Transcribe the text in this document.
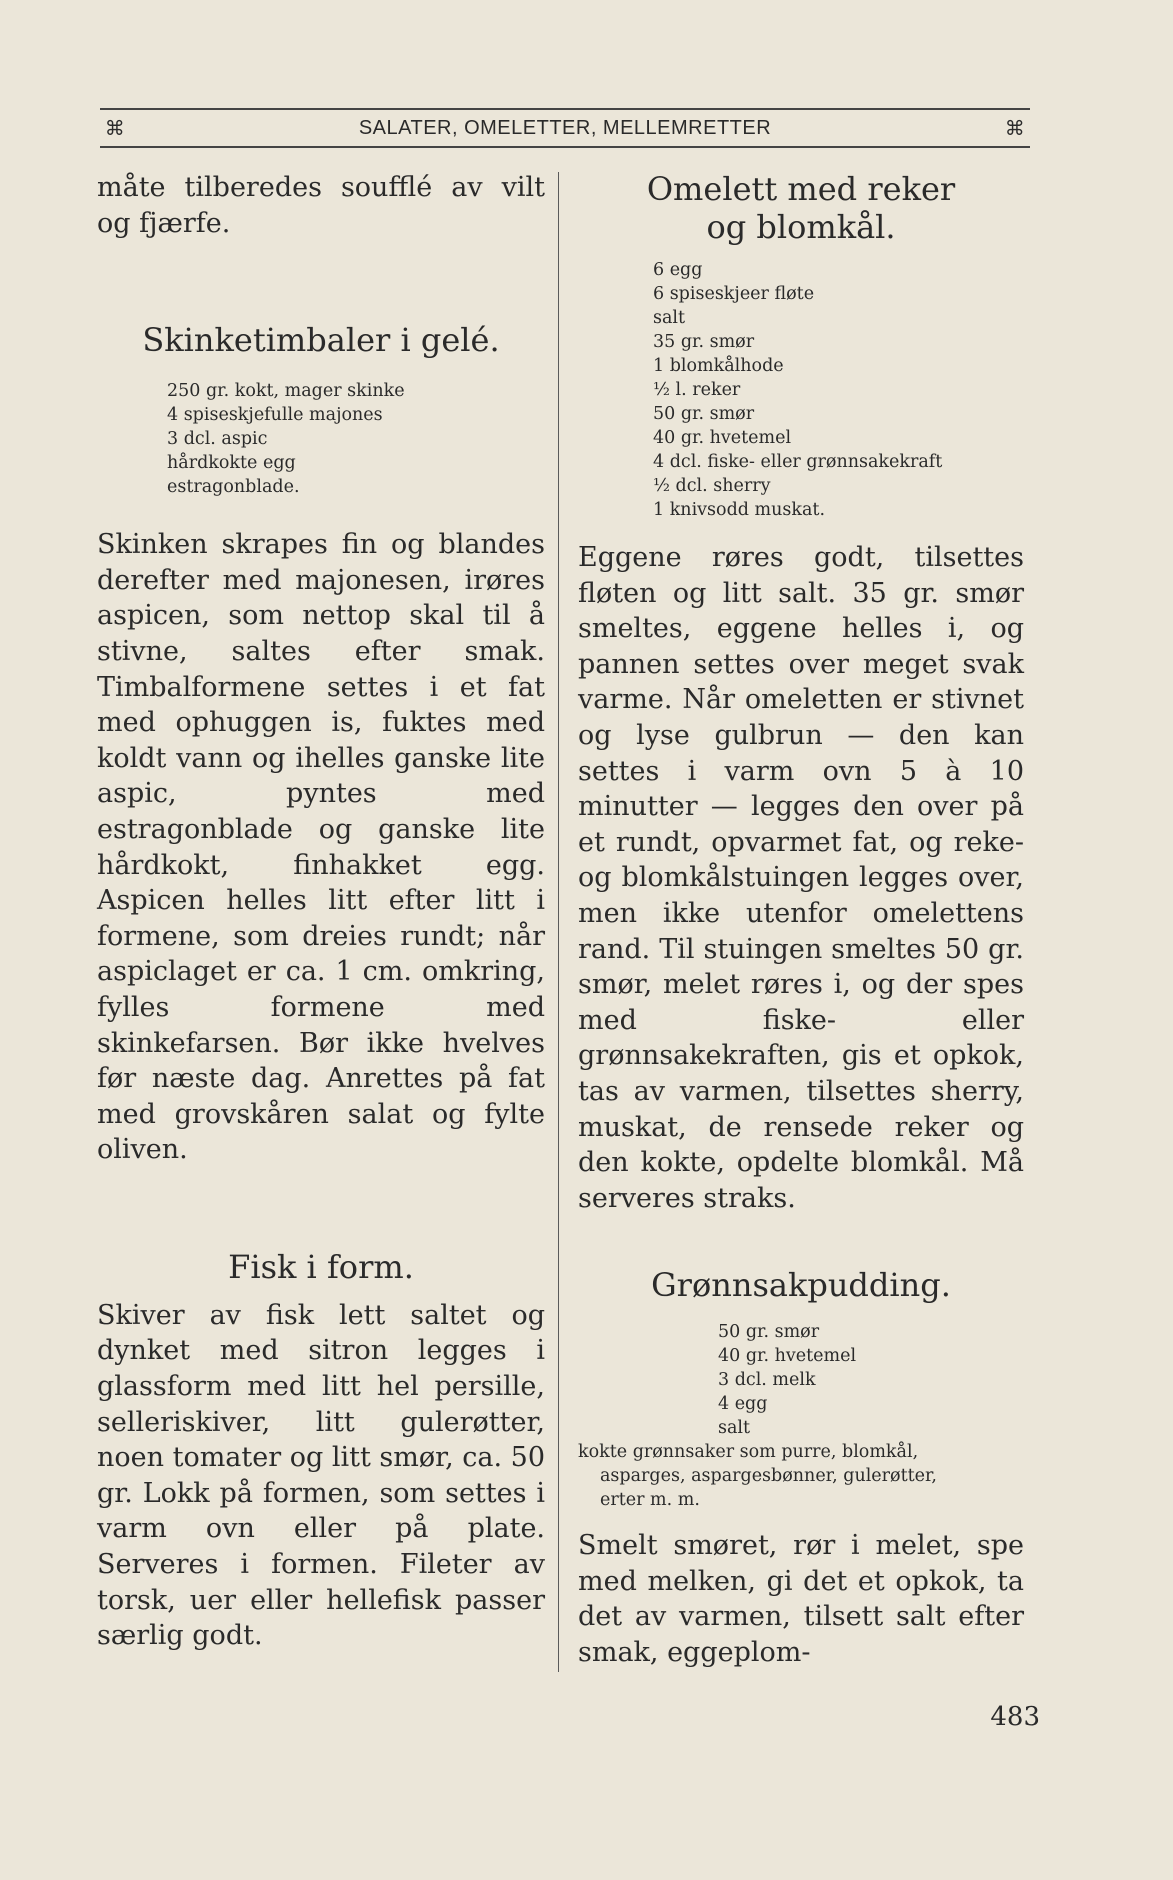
⌘	SALATER, OMELETTER, MELLEMRETTER	⌘

måte tilberedes soufflé av vilt og fjærfe.

Skinketimbaler i gelé.
250 gr. kokt, mager skinke
4 spiseskjefulle majones
3 dcl. aspic
hårdkokte egg
estragonblade.

Skinken skrapes fin og blandes derefter med majonesen, irøres aspicen, som nettop skal til å stivne, saltes efter smak. Timbalformene settes i et fat med ophuggen is, fuktes med koldt vann og ihelles ganske lite aspic, pyntes med estragonblade og ganske lite hårdkokt, finhakket egg. Aspicen helles litt efter litt i formene, som dreies rundt; når aspiclaget er ca. 1 cm. omkring, fylles formene med skinkefarsen. Bør ikke hvelves før næste dag. Anrettes på fat med grovskåren salat og fylte oliven.

Fisk i form.

Skiver av fisk lett saltet og dynket med sitron legges i glassform med litt hel persille, selleriskiver, litt gulerøtter, noen tomater og litt smør, ca. 50 gr. Lokk på formen, som settes i varm ovn eller på plate. Serveres i formen. Fileter av torsk, uer eller hellefisk passer særlig godt.

Omelett med reker
og blomkål.
6 egg
6 spiseskjeer fløte
salt
35 gr. smør
1 blomkålhode
½ l. reker
50 gr. smør
40 gr. hvetemel
4 dcl. fiske- eller grønnsakekraft
½ dcl. sherry
1 knivsodd muskat.

Eggene røres godt, tilsettes fløten og litt salt. 35 gr. smør smeltes, eggene helles i, og pannen settes over meget svak varme. Når omeletten er stivnet og lyse gulbrun — den kan settes i varm ovn 5 à 10 minutter — legges den over på et rundt, opvarmet fat, og reke- og blomkålstuingen legges over, men ikke utenfor omelettens rand. Til stuingen smeltes 50 gr. smør, melet røres i, og der spes med fiske- eller grønnsakekraften, gis et opkok, tas av varmen, tilsettes sherry, muskat, de rensede reker og den kokte, opdelte blomkål. Må serveres straks.

Grønnsakpudding.
50 gr. smør
40 gr. hvetemel
3 dcl. melk
4 egg
salt
kokte grønnsaker som purre, blomkål,
asparges, aspargesbønner, gulerøtter,
erter m. m.

Smelt smøret, rør i melet, spe med melken, gi det et opkok, ta det av varmen, tilsett salt efter smak, eggeplom-

483
